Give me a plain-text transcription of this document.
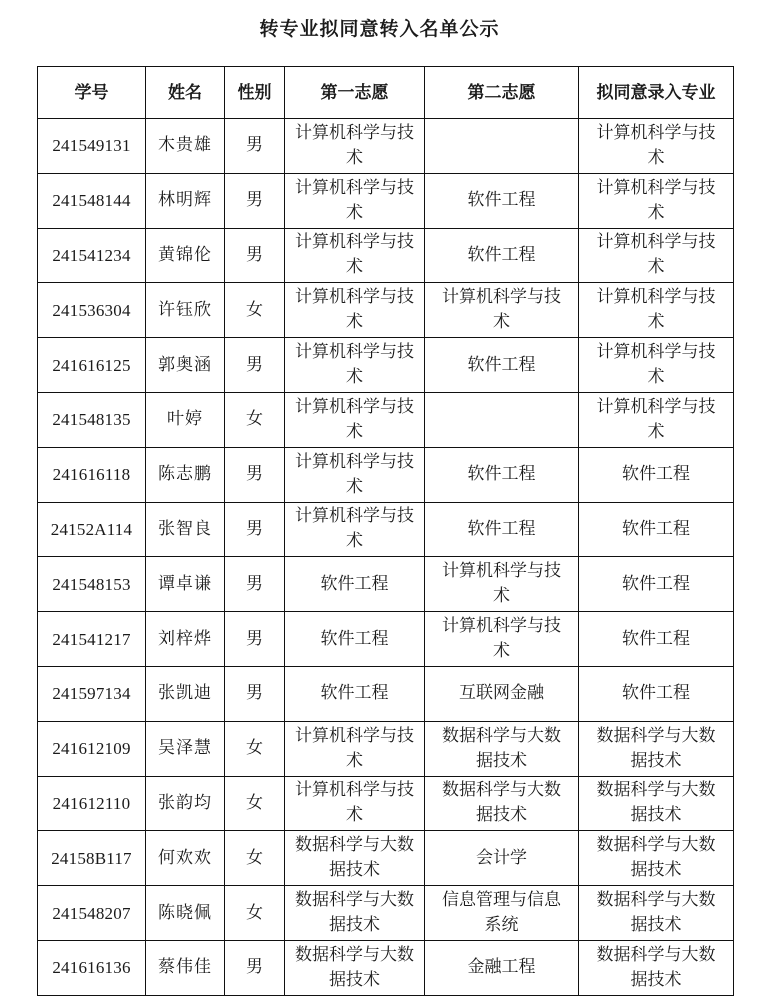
转专业拟同意转入名单公示
学号	姓名	性别	第一志愿	第二志愿	拟同意录入专业

241549131	木贵雄	男	计算机科学与技术		计算机科学与技术

241548144	林明辉	男	计算机科学与技术	软件工程	计算机科学与技术

241541234	黄锦伦	男	计算机科学与技术	软件工程	计算机科学与技术

241536304	许钰欣	女	计算机科学与技术	计算机科学与技术	计算机科学与技术

241616125	郭奥涵	男	计算机科学与技术	软件工程	计算机科学与技术

241548135	叶婷	女	计算机科学与技术		计算机科学与技术

241616118	陈志鹏	男	计算机科学与技术	软件工程	软件工程

24152A114	张智良	男	计算机科学与技术	软件工程	软件工程

241548153	谭卓谦	男	软件工程	计算机科学与技术	软件工程

241541217	刘梓烨	男	软件工程	计算机科学与技术	软件工程

241597134	张凯迪	男	软件工程	互联网金融	软件工程

241612109	吴泽慧	女	计算机科学与技术	数据科学与大数据技术	数据科学与大数据技术

241612110	张韵均	女	计算机科学与技术	数据科学与大数据技术	数据科学与大数据技术

24158B117	何欢欢	女	数据科学与大数据技术	会计学	数据科学与大数据技术

241548207	陈晓佩	女	数据科学与大数据技术	信息管理与信息系统	数据科学与大数据技术

241616136	蔡伟佳	男	数据科学与大数据技术	金融工程	数据科学与大数据技术
